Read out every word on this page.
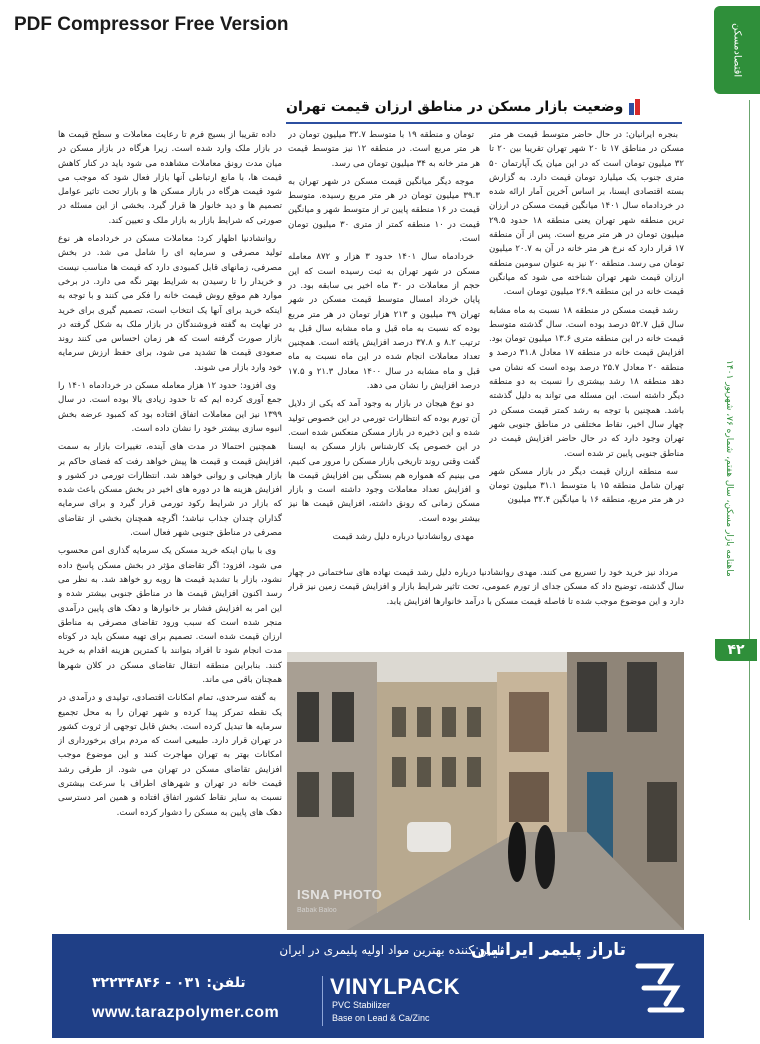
PDF Compressor Free Version	اقتصادمسکن
ماهنامه بازار مسکن، سال هفتم، شماره ۷۶، شهریور ۱۴۰۱
۴۲
وضعیت بازار مسکن در مناطق ارزان قیمت تهران

بنجره ایرانیان: در حال حاضر متوسط قیمت هر متر مسکن در مناطق ۱۷ تا ۲۰ شهر تهران تقریبا بین ۲۰ تا ۳۲ میلیون تومان است که در این میان یک آپارتمان ۵۰ متری جنوب یک میلیارد تومان قیمت دارد. به گزارش بسته اقتصادی ایسنا، بر اساس آخرین آمار ارائه شده در خردادماه سال ۱۴۰۱ میانگین قیمت مسکن در ارزان ترین منطقه شهر تهران یعنی منطقه ۱۸ حدود ۲۹.۵ میلیون تومان در هر متر مربع است. پس از آن منطقه ۱۷ قرار دارد که نرخ هر متر خانه در آن به ۲۰.۷ میلیون تومان می رسد. منطقه ۲۰ نیز به عنوان سومین منطقه ارزان قیمت شهر تهران شناخته می شود که میانگین قیمت خانه در این منطقه ۲۶.۹ میلیون تومان است.

رشد قیمت مسکن در منطقه ۱۸ نسبت به ماه مشابه سال قبل ۵۲.۷ درصد بوده است. سال گذشته متوسط قیمت خانه در این منطقه متری ۱۳.۶ میلیون تومان بود. افزایش قیمت خانه در منطقه ۱۷ معادل ۳۱.۸ درصد و منطقه ۲۰ معادل ۲۵.۷ درصد بوده است که نشان می دهد منطقه ۱۸ رشد بیشتری را نسبت به دو منطقه دیگر داشته است. این مسئله می تواند به دلیل گذشته باشد. همچنین با توجه به رشد کمتر قیمت مسکن در چهار سال اخیر، نقاط مختلفی در مناطق جنوبی شهر تهران وجود دارد که در حال حاضر افزایش قیمت در مناطق جنوبی پایین تر شده است.

سه منطقه ارزان قیمت دیگر در بازار مسکن شهر تهران شامل منطقه ۱۵ با متوسط ۳۱.۱ میلیون تومان در هر متر مربع، منطقه ۱۶ با میانگین ۳۲.۴ میلیون

تومان و منطقه ۱۹ با متوسط ۳۲.۷ میلیون تومان در هر متر مربع است. در منطقه ۱۲ نیز متوسط قیمت هر متر خانه به ۳۴ میلیون تومان می رسد.

موجه دیگر میانگین قیمت مسکن در شهر تهران به ۳۹.۳ میلیون تومان در هر متر مربع رسیده. متوسط قیمت در ۱۶ منطقه پایین تر از متوسط شهر و میانگین قیمت در ۱۰ منطقه کمتر از متری ۳۰ میلیون تومان است.

خردادماه سال ۱۴۰۱ حدود ۳ هزار و ۸۷۲ معامله مسکن در شهر تهران به ثبت رسیده است که این حجم از معاملات در ۳۰ ماه اخیر بی سابقه بود. در پایان خرداد امسال متوسط قیمت مسکن در شهر تهران ۳۹ میلیون و ۲۱۳ هزار تومان در هر متر مربع بوده که نسبت به ماه قبل و ماه مشابه سال قبل به ترتیب ۸.۲ و ۳۷.۸ درصد افزایش یافته است. همچنین تعداد معاملات انجام شده در این ماه نسبت به ماه قبل و ماه مشابه در سال ۱۴۰۰ معادل ۲۱.۳ و ۱۷.۵ درصد افزایش را نشان می دهد.

دو نوع هیجان در بازار به وجود آمد که یکی از دلایل آن تورم بوده که انتظارات تورمی در این خصوص تولید شده و این ذخیره در بازار مسکن منعکس شده است. در این خصوص یک کارشناس بازار مسکن به ایسنا گفت وقتی روند تاریخی بازار مسکن را مرور می کنیم، می بینیم که همواره هم بستگی بین افزایش قیمت ها و افزایش تعداد معاملات وجود داشته است و بازار مسکن زمانی که رونق داشته، افزایش قیمت ها نیز بیشتر بوده است.

مهدی روانشادنیا درباره دلیل رشد قیمت

مرداد نیز خرید خود را تسریع می کنند. مهدی روانشادنیا درباره دلیل رشد قیمت نهاده های ساختمانی در چهار سال گذشته، توضیح داد که مسکن جدای از تورم عمومی، تحت تاثیر شرایط بازار و افزایش قیمت زمین نیز قرار دارد و این موضوع موجب شده تا فاصله قیمت مسکن با درآمد خانوارها افزایش یابد.

داده تقریبا از بسیج فرم تا رعایت معاملات و سطح قیمت ها در بازار ملک وارد شده است. زیرا هرگاه در بازار مسکن در میان مدت رونق معاملات مشاهده می شود باید در کنار کاهش قیمت ها، با مانع ارتباطی آنها بازار فعال شود که موجب می شود قیمت هرگاه در بازار مسکن ها و بازار تحت تاثیر عوامل تصمیم ها و دید خانوار ها قرار گیرد. بخشی از این مسئله در صورتی که شرایط بازار به بازار ملک و تعیین کند.

روانشادنیا اظهار کرد: معاملات مسکن در خردادماه هر نوع تولید مصرفی و سرمایه ای را شامل می شد. در بخش مصرفی، زمانهای قابل کمبودی دارد که قیمت ها مناسب نیست و خریدار را تا رسیدن به شرایط بهتر نگه می دارد. در برخی موارد هم موقع روش قیمت خانه را فکر می کنند و با توجه به اینکه خرید برای آنها یک انتخاب است، تصمیم گیری برای خرید در نهایت به گفته فروشندگان در بازار ملک به شکل گرفته در بازار صورت گرفته است که هر زمان احساس می کنند روند صعودی قیمت ها تشدید می شود، برای حفظ ارزش سرمایه خود وارد بازار می شوند.

وی افزود: حدود ۱۲ هزار معامله مسکن در خردادماه ۱۴۰۱ را جمع آوری کرده ایم که تا حدود زیادی بالا بوده است. در سال ۱۳۹۹ نیز این معاملات اتفاق افتاده بود که کمبود عرضه بخش انبوه سازی بیشتر خود را نشان داده است.

همچنین احتمالا در مدت های آینده، تغییرات بازار به سمت افزایش قیمت و قیمت ها پیش خواهد رفت که فضای حاکم بر بازار هیجانی و روانی خواهد شد. انتظارات تورمی در کشور و افزایش هزینه ها در دوره های اخیر در بخش مسکن باعث شده که بازار در شرایط رکود تورمی قرار گیرد و برای سرمایه گذاران چندان جذاب نباشد؛ اگرچه همچنان بخشی از تقاضای مصرفی در مناطق جنوبی شهر فعال است.

وی با بیان اینکه خرید مسکن یک سرمایه گذاری امن محسوب می شود، افزود: اگر تقاضای مؤثر در بخش مسکن پاسخ داده نشود، بازار با تشدید قیمت ها روبه رو خواهد شد. به نظر می رسد اکنون افزایش قیمت ها در مناطق جنوبی بیشتر شده و این امر به افزایش فشار بر خانوارها و دهک های پایین درآمدی منجر شده است که سبب ورود تقاضای مصرفی به مناطق ارزان قیمت شده است. تصمیم برای تهیه مسکن باید در کوتاه مدت انجام شود تا افراد بتوانند با کمترین هزینه اقدام به خرید کنند. بنابراین منطقه انتقال تقاضای مسکن در کلان شهرها همچنان باقی می ماند.

به گفته سرحدی، تمام امکانات اقتصادی، تولیدی و درآمدی در یک نقطه تمرکز پیدا کرده و شهر تهران را به محل تجمیع سرمایه ها تبدیل کرده است. بخش قابل توجهی از ثروت کشور در تهران قرار دارد. طبیعی است که مردم برای برخورداری از امکانات بهتر به تهران مهاجرت کنند و این موضوع موجب افزایش تقاضای مسکن در تهران می شود. از طرفی رشد قیمت خانه در تهران و شهرهای اطراف با سرعت بیشتری نسبت به سایر نقاط کشور اتفاق افتاده و همین امر دسترسی دهک های پایین به مسکن را دشوار کرده است.

ISNA PHOTO
Babak Baloo
تاراز پلیمر ایرانیان
تامین کننده بهترین مواد اولیه پلیمری در ایران
تلفن: ۰۳۱ - ۳۲۲۳۴۸۴۶
www.tarazpolymer.com
VINYLPACK
PVC Stabilizer
Base on Lead & Ca/Zinc
